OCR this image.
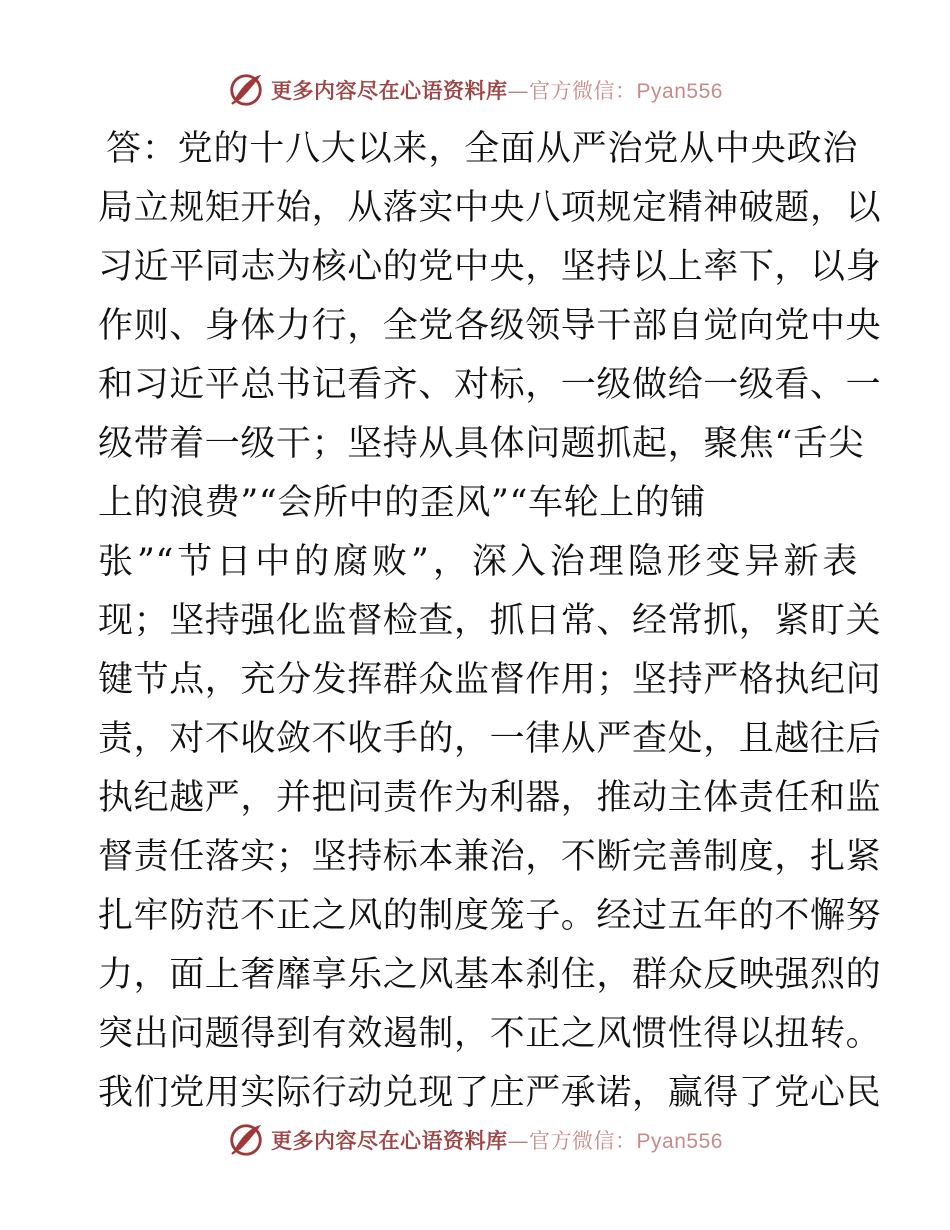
更多内容尽在心语资料库—官方微信：Pyan556
答：党的十八大以来，全面从严治党从中央政治
局立规矩开始，从落实中央八项规定精神破题，以
习近平同志为核心的党中央，坚持以上率下，以身
作则、身体力行，全党各级领导干部自觉向党中央
和习近平总书记看齐、对标，一级做给一级看、一
级带着一级干；坚持从具体问题抓起，聚焦“舌尖
上的浪费”“会所中的歪风”“车轮上的铺
张”“节日中的腐败”，深入治理隐形变异新表
现；坚持强化监督检查，抓日常、经常抓，紧盯关
键节点，充分发挥群众监督作用；坚持严格执纪问
责，对不收敛不收手的，一律从严查处，且越往后
执纪越严，并把问责作为利器，推动主体责任和监
督责任落实；坚持标本兼治，不断完善制度，扎紧
扎牢防范不正之风的制度笼子。经过五年的不懈努
力，面上奢靡享乐之风基本刹住，群众反映强烈的
突出问题得到有效遏制，不正之风惯性得以扭转。
我们党用实际行动兑现了庄严承诺，赢得了党心民
更多内容尽在心语资料库—官方微信：Pyan556
